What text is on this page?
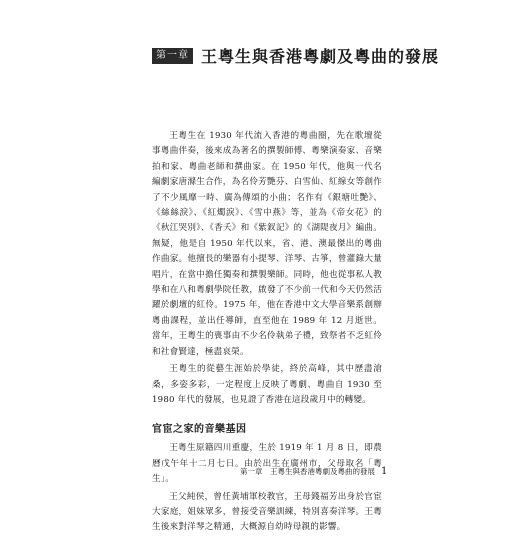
第一章 王粵生與香港粵劇及粵曲的發展

王粵生在 1930 年代流入香港的粵曲圈，先在歌壇從事粵曲伴奏，後來成為著名的撰製師傅、粵樂演奏家、音樂拍和家、粵曲老師和撰曲家。在 1950 年代，他與一代名編劇家唐滌生合作，為名伶芳艷芬、白雪仙、紅線女等創作了不少風靡一時、廣為傳頌的小曲；名作有《銀塘吐艷》、《絲絲淚》、《紅燭淚》、《雪中燕》等，並為《帝女花》的《秋江哭別》、《香夭》和《紫釵記》的《湖隄夜月》編曲。無疑，他是自 1950 年代以來，省、港、澳最傑出的粵曲作曲家。他擅長的樂器有小提琴、洋琴、古箏，曾灌錄大量唱片，在當中擔任獨奏和撰製樂師。同時，他也從事私人教學和在八和粵劇學院任教，啟發了不少前一代和今天仍然活躍於劇壇的紅伶。1975 年，他在香港中文大學音樂系創辦粵曲課程，並出任導師，直至他在 1989 年 12 月逝世。當年，王粵生的喪事由不少名伶執弟子禮，致祭者不乏紅伶和社會賢達，極盡哀榮。

王粵生的從藝生涯始於學徒，終於高峰，其中歷盡滄桑，多姿多彩，一定程度上反映了粵劇、粵曲自 1930 至 1980 年代的發展，也見證了香港在這段歲月中的轉變。

官宦之家的音樂基因

王粵生原籍四川重慶，生於 1919 年 1 月 8 日，即農曆戊午年十二月七日。由於出生在廣州市，父母取名「粵生」。

王父純侯，曾任黃埔軍校教官，王母錢福芳出身於官宦大家庭，姐妹眾多，曾接受音樂訓練，特別喜奏洋琴。王粵生後來對洋琴之精通，大概源自幼時母親的影響。

第一章　王粵生與香港粵劇及粵曲的發展 1
